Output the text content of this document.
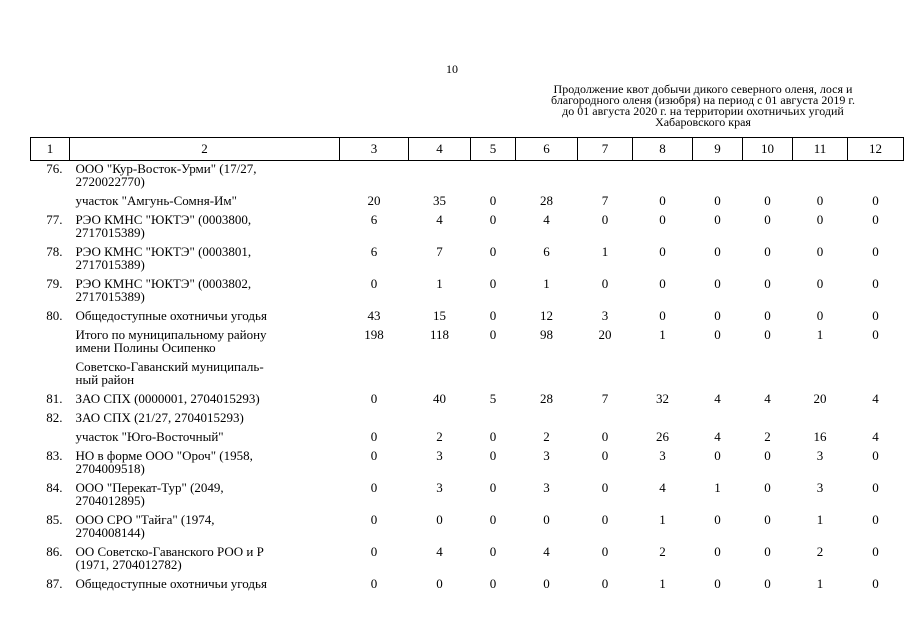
10
Продолжение квот добычи дикого северного оленя, лося и
благородного оленя (изюбря) на период с 01 августа 2019 г.
до 01 августа 2020 г. на территории охотничьих угодий
Хабаровского края
1	2	3	4	5	6	7	8	9	10	11	12
76.	ООО "Кур-Восток-Урми" (17/27,
2720022770)										

	участок "Амгунь-Сомня-Им"	20	35	0	28	7	0	0	0	0	0
77.	РЭО КМНС "ЮКТЭ" (0003800,
2717015389)	6	4	0	4	0	0	0	0	0	0
78.	РЭО КМНС "ЮКТЭ" (0003801,
2717015389)	6	7	0	6	1	0	0	0	0	0
79.	РЭО КМНС "ЮКТЭ" (0003802,
2717015389)	0	1	0	1	0	0	0	0	0	0
80.	Общедоступные охотничьи угодья	43	15	0	12	3	0	0	0	0	0

	Итого по муниципальному району
имени Полины Осипенко	198	118	0	98	20	1	0	0	1	0

	Советско-Гаванский муниципаль-
ный район										

81.	ЗАО СПХ (0000001, 2704015293)	0	40	5	28	7	32	4	4	20	4
82.	ЗАО СПХ (21/27, 2704015293)										

	участок "Юго-Восточный"	0	2	0	2	0	26	4	2	16	4
83.	НО в форме ООО "Ороч" (1958,
2704009518)	0	3	0	3	0	3	0	0	3	0
84.	ООО "Перекат-Тур" (2049,
2704012895)	0	3	0	3	0	4	1	0	3	0
85.	ООО СРО "Тайга" (1974,
2704008144)	0	0	0	0	0	1	0	0	1	0
86.	ОО Советско-Гаванского РОО и Р
(1971, 2704012782)	0	4	0	4	0	2	0	0	2	0
87.	Общедоступные охотничьи угодья	0	0	0	0	0	1	0	0	1	0
